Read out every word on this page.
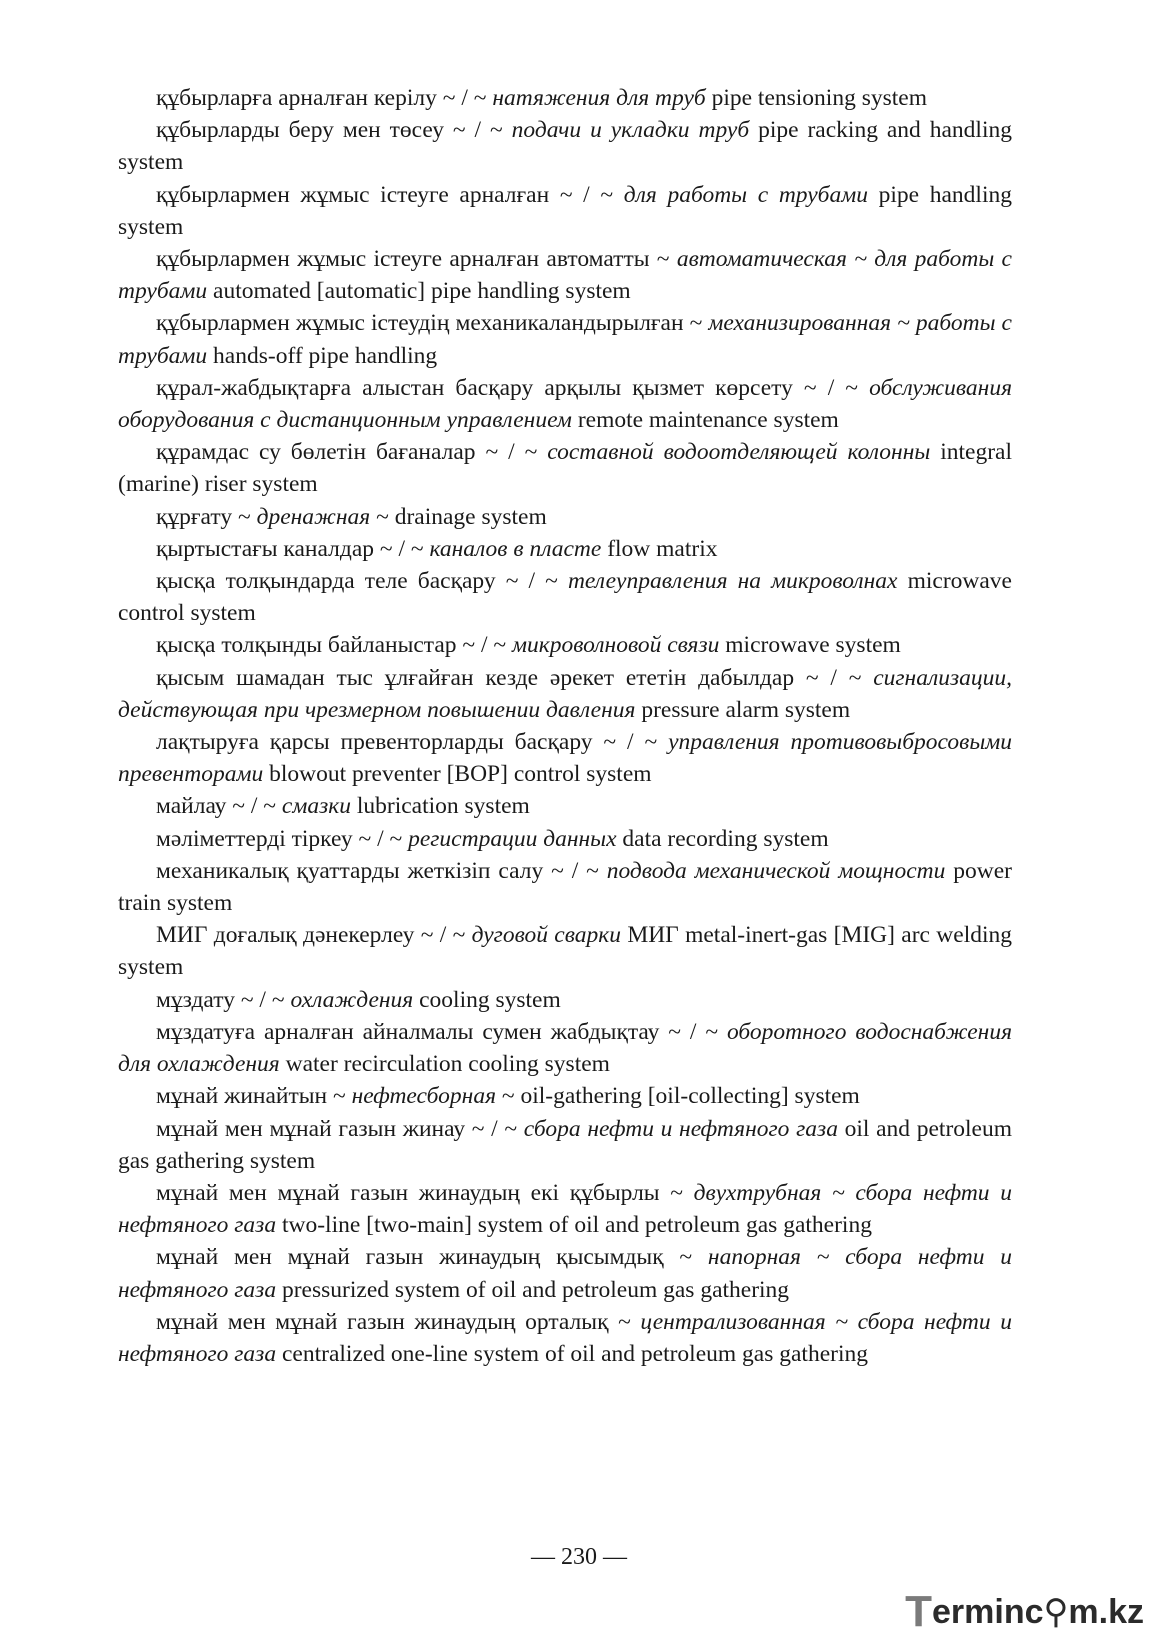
құбырларға арналған керілу ~ / ~ натяжения для труб pipe tensioning system

құбырларды беру мен төсеу ~ / ~ подачи и укладки труб pipe racking and handling system

құбырлармен жұмыс істеуге арналған ~ / ~ для работы с трубами pipe handling system

құбырлармен жұмыс істеуге арналған автоматты ~ автоматическая ~ для работы с трубами automated [automatic] pipe handling system

құбырлармен жұмыс істеудің механикаландырылған ~ механизированная ~ работы с трубами hands-off pipe handling

құрал-жабдықтарға алыстан басқару арқылы қызмет көрсету ~ / ~ обслуживания оборудования с дистанционным управлением remote maintenance system

құрамдас су бөлетін бағаналар ~ / ~ составной водоотделяющей колонны integral (marine) riser system

құрғату ~ дренажная ~ drainage system

қыртыстағы каналдар ~ / ~ каналов в пласте flow matrix

қысқа толқындарда теле басқару ~ / ~ телеуправления на микроволнах microwave control system

қысқа толқынды байланыстар ~ / ~ микроволновой связи microwave system

қысым шамадан тыс ұлғайған кезде әрекет ететін дабылдар ~ / ~ сигнализации, действующая при чрезмерном повышении давления pressure alarm system

лақтыруға қарсы превенторларды басқару ~ / ~ управления противовыбросовыми превенторами blowout preventer [BOP] control system

майлау ~ / ~ смазки lubrication system

мәліметтерді тіркеу ~ / ~ регистрации данных data recording system

механикалық қуаттарды жеткізіп салу ~ / ~ подвода механической мощности power train system

МИГ доғалық дәнекерлеу ~ / ~ дуговой сварки МИГ metal-inert-gas [MIG] arc welding system

мұздату ~ / ~ охлаждения cooling system

мұздатуға арналған айналмалы сумен жабдықтау ~ / ~ оборотного водоснабжения для охлаждения water recirculation cooling system

мұнай жинайтын ~ нефтесборная ~ oil-gathering [oil-collecting] system

мұнай мен мұнай газын жинау ~ / ~ сбора нефти и нефтяного газа oil and petroleum gas gathering system

мұнай мен мұнай газын жинаудың екі құбырлы ~ двухтрубная ~ сбора нефти и нефтяного газа two-line [two-main] system of oil and petroleum gas gathering

мұнай мен мұнай газын жинаудың қысымдық ~ напорная ~ сбора нефти и нефтяного газа pressurized system of oil and petroleum gas gathering

мұнай мен мұнай газын жинаудың орталық ~ централизованная ~ сбора нефти и нефтяного газа centralized one-line system of oil and petroleum gas gathering

— 230 —
T erminc⚲m.kz
